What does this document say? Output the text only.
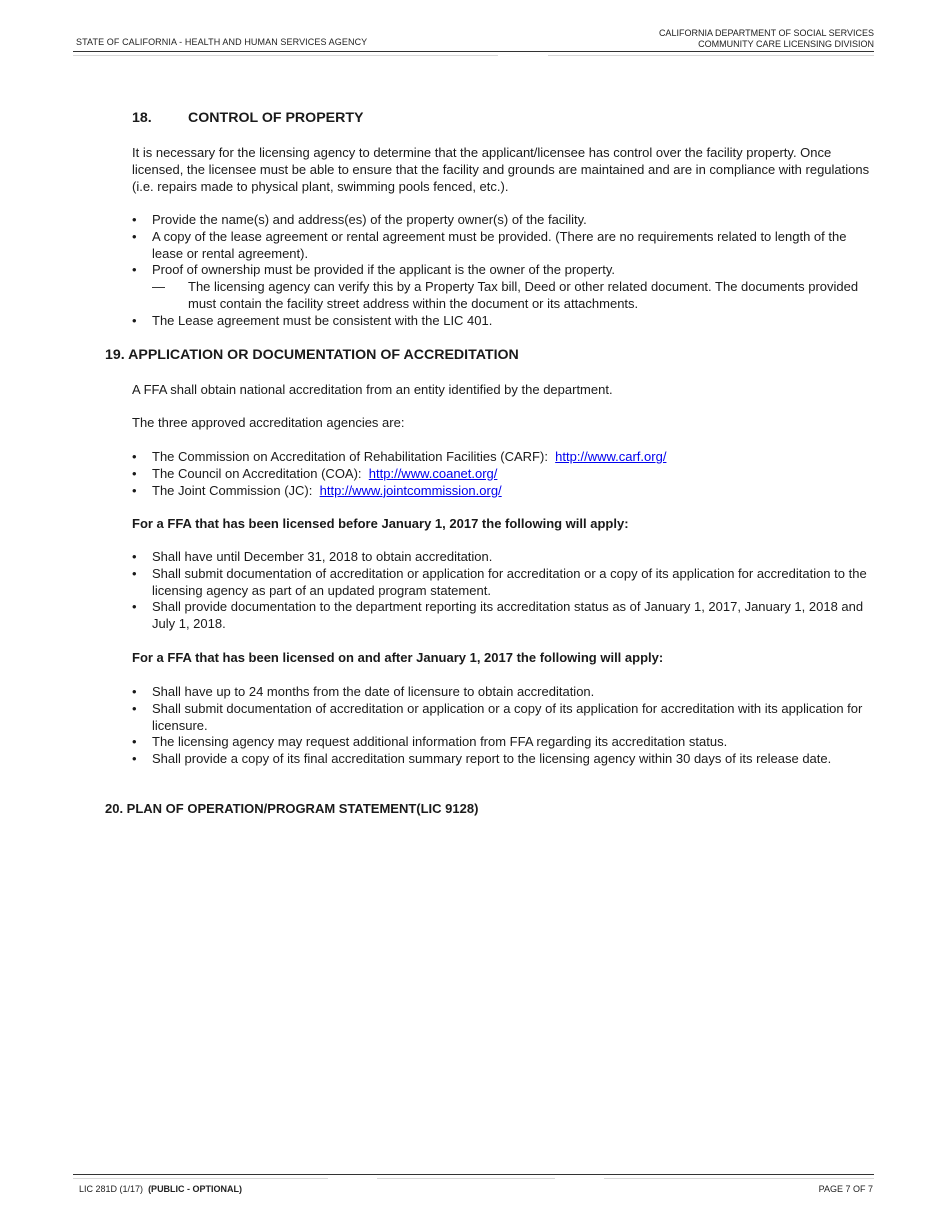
STATE OF CALIFORNIA - HEALTH AND HUMAN SERVICES AGENCY
CALIFORNIA DEPARTMENT OF SOCIAL SERVICES
COMMUNITY CARE LICENSING DIVISION
18.	CONTROL OF PROPERTY
It is necessary for the licensing agency to determine that the applicant/licensee has control over the facility property. Once licensed, the licensee must be able to ensure that the facility and grounds are maintained and are in compliance with regulations (i.e. repairs made to physical plant, swimming pools fenced, etc.).
• Provide the name(s) and address(es) of the property owner(s) of the facility.
• A copy of the lease agreement or rental agreement must be provided. (There are no requirements related to length of the lease or rental agreement).
• Proof of ownership must be provided if the applicant is the owner of the property.
— The licensing agency can verify this by a Property Tax bill, Deed or other related document. The documents provided must contain the facility street address within the document or its attachments.
• The Lease agreement must be consistent with the LIC 401.
19. APPLICATION OR DOCUMENTATION OF ACCREDITATION
A FFA shall obtain national accreditation from an entity identified by the department.
The three approved accreditation agencies are:
• The Commission on Accreditation of Rehabilitation Facilities (CARF): http://www.carf.org/
• The Council on Accreditation (COA): http://www.coanet.org/
• The Joint Commission (JC): http://www.jointcommission.org/
For a FFA that has been licensed before January 1, 2017 the following will apply:
• Shall have until December 31, 2018 to obtain accreditation.
• Shall submit documentation of accreditation or application for accreditation or a copy of its application for accreditation to the licensing agency as part of an updated program statement.
• Shall provide documentation to the department reporting its accreditation status as of January 1, 2017, January 1, 2018 and July 1, 2018.
For a FFA that has been licensed on and after January 1, 2017 the following will apply:
• Shall have up to 24 months from the date of licensure to obtain accreditation.
• Shall submit documentation of accreditation or application or a copy of its application for accreditation with its application for licensure.
• The licensing agency may request additional information from FFA regarding its accreditation status.
• Shall provide a copy of its final accreditation summary report to the licensing agency within 30 days of its release date.
20. PLAN OF OPERATION/PROGRAM STATEMENT(LIC 9128)
LIC 281D (1/17) (PUBLIC - OPTIONAL)	PAGE 7 OF 7
